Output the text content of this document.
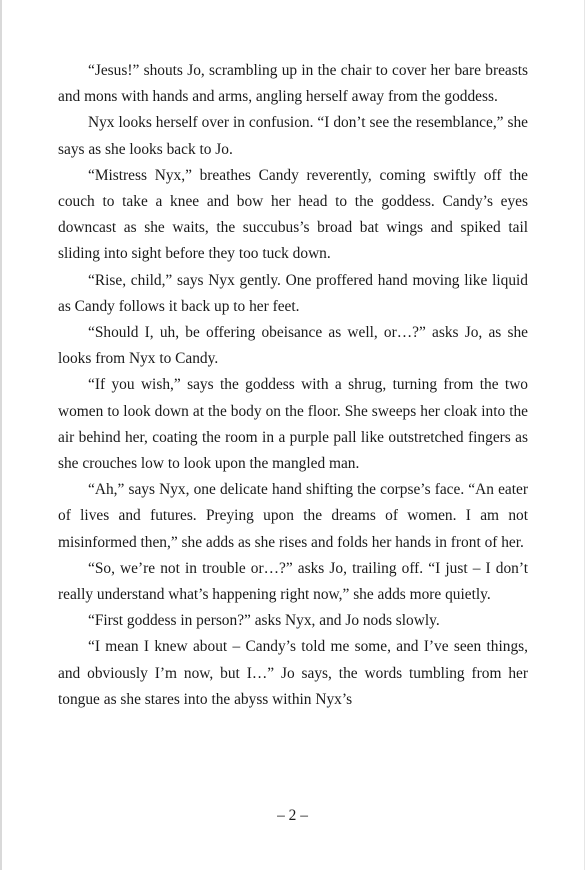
“Jesus!” shouts Jo, scrambling up in the chair to cover her bare breasts and mons with hands and arms, angling herself away from the goddess.

Nyx looks herself over in confusion. “I don’t see the resemblance,” she says as she looks back to Jo.

“Mistress Nyx,” breathes Candy reverently, coming swiftly off the couch to take a knee and bow her head to the goddess. Candy’s eyes downcast as she waits, the succubus’s broad bat wings and spiked tail sliding into sight before they too tuck down.

“Rise, child,” says Nyx gently. One proffered hand moving like liquid as Candy follows it back up to her feet.

“Should I, uh, be offering obeisance as well, or…?” asks Jo, as she looks from Nyx to Candy.

“If you wish,” says the goddess with a shrug, turning from the two women to look down at the body on the floor. She sweeps her cloak into the air behind her, coating the room in a purple pall like outstretched fingers as she crouches low to look upon the mangled man.

“Ah,” says Nyx, one delicate hand shifting the corpse’s face. “An eater of lives and futures. Preying upon the dreams of women. I am not misinformed then,” she adds as she rises and folds her hands in front of her.

“So, we’re not in trouble or…?” asks Jo, trailing off. “I just – I don’t really understand what’s happening right now,” she adds more quietly.

“First goddess in person?” asks Nyx, and Jo nods slowly.

“I mean I knew about – Candy’s told me some, and I’ve seen things, and obviously I’m now, but I…” Jo says, the words tumbling from her tongue as she stares into the abyss within Nyx’s

– 2 –
